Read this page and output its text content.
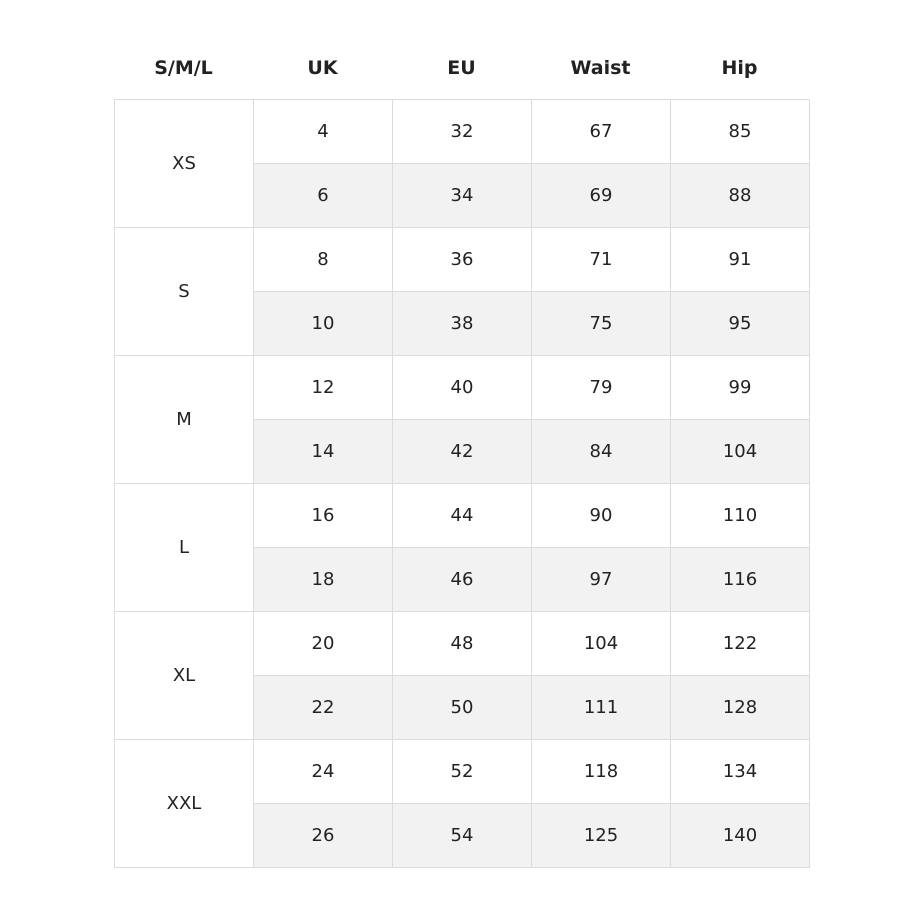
S/M/L	UK	EU	Waist	Hip
XS	4	32	67	85
	6	34	69	88
S	8	36	71	91
	10	38	75	95
M	12	40	79	99
	14	42	84	104
L	16	44	90	110
	18	46	97	116
XL	20	48	104	122
	22	50	111	128
XXL	24	52	118	134
	26	54	125	140
